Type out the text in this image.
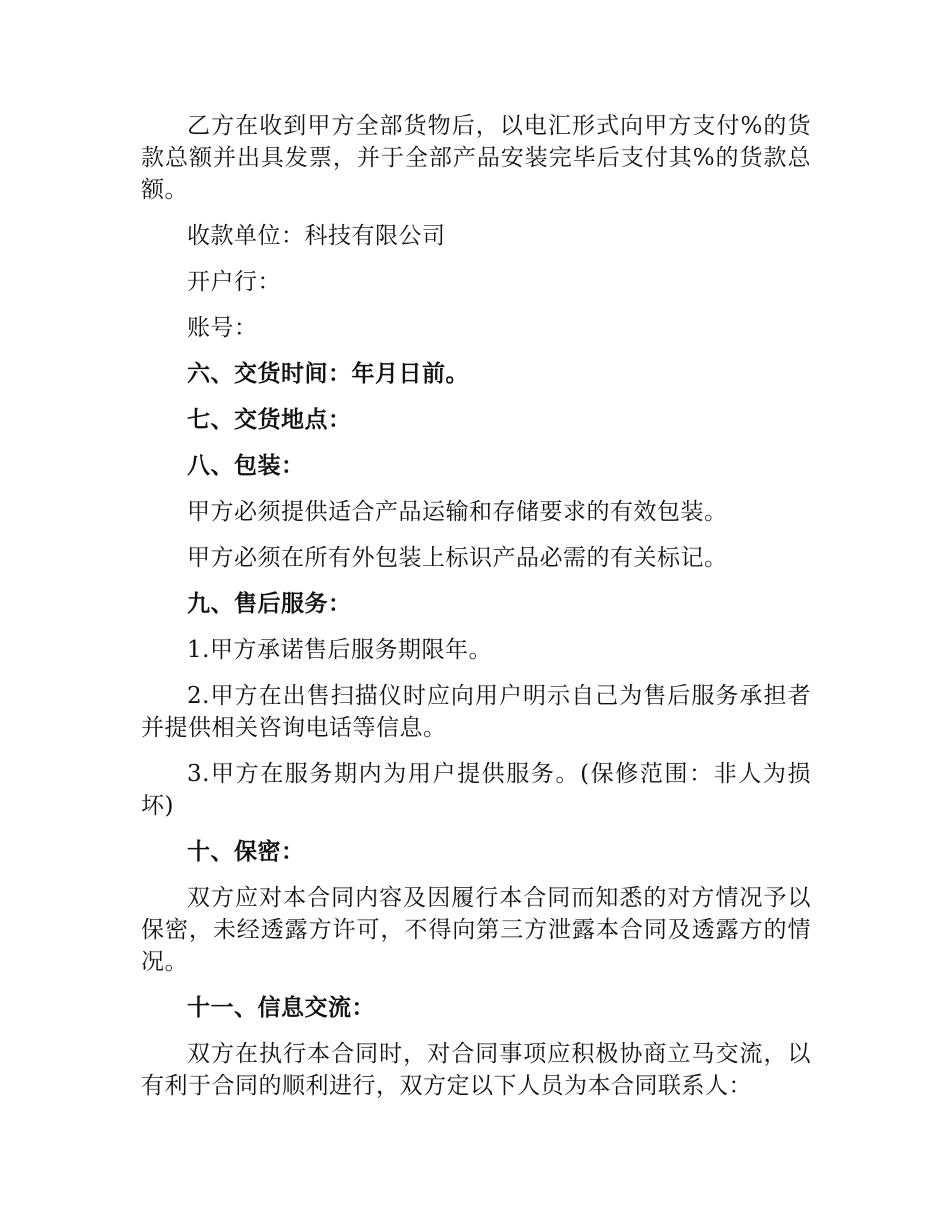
乙方在收到甲方全部货物后，以电汇形式向甲方支付%的货款总额并出具发票，并于全部产品安装完毕后支付其%的货款总额。

收款单位：科技有限公司

开户行：

账号：

六、交货时间：年月日前。

七、交货地点：

八、包装：

甲方必须提供适合产品运输和存储要求的有效包装。

甲方必须在所有外包装上标识产品必需的有关标记。

九、售后服务：

1.甲方承诺售后服务期限年。

2.甲方在出售扫描仪时应向用户明示自己为售后服务承担者并提供相关咨询电话等信息。

3.甲方在服务期内为用户提供服务。(保修范围：非人为损坏)

十、保密：

双方应对本合同内容及因履行本合同而知悉的对方情况予以保密，未经透露方许可，不得向第三方泄露本合同及透露方的情况。

十一、信息交流：

双方在执行本合同时，对合同事项应积极协商立马交流，以有利于合同的顺利进行，双方定以下人员为本合同联系人：
